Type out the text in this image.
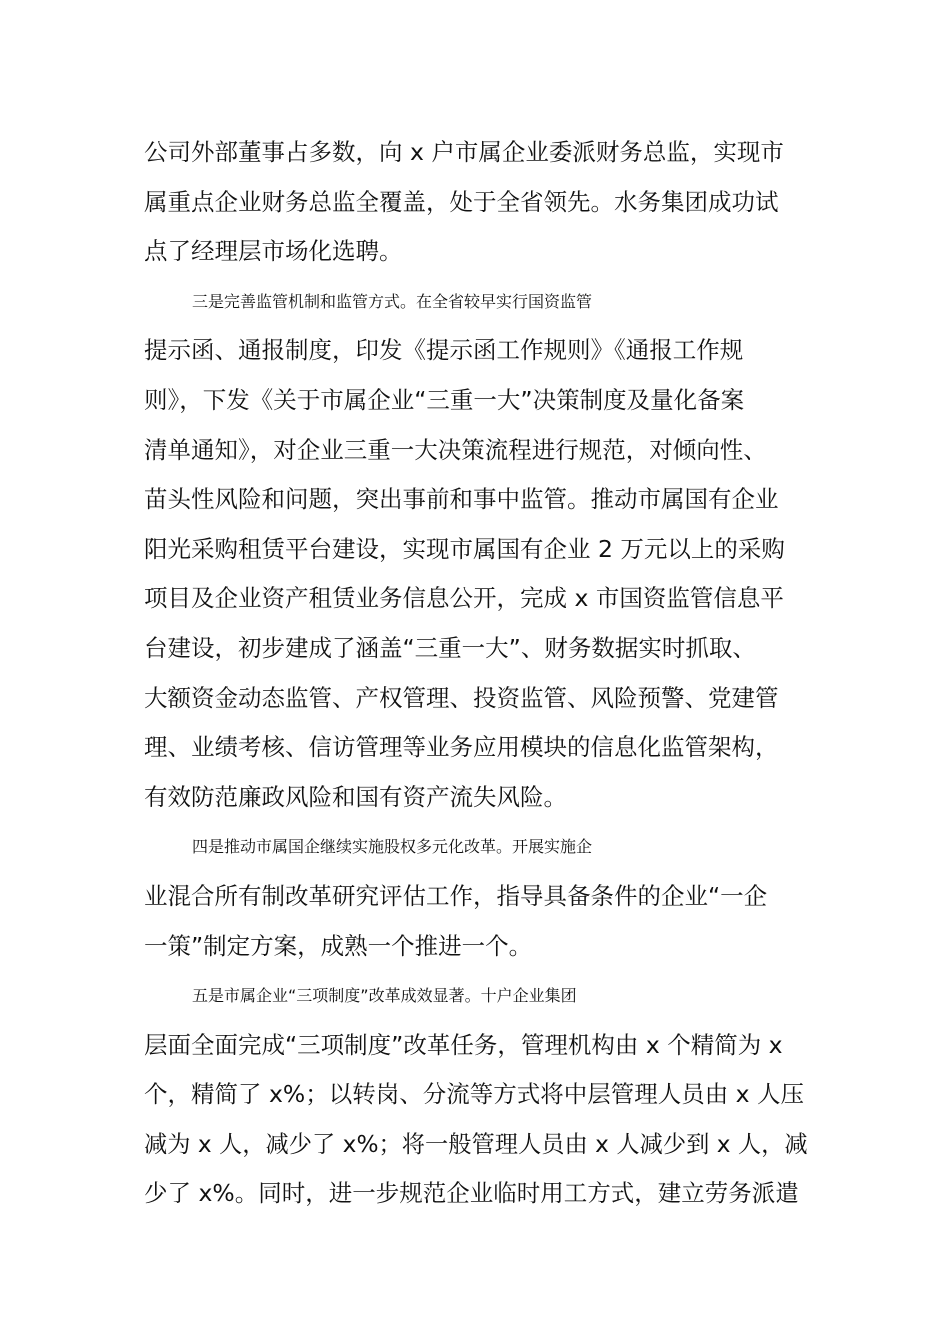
公司外部董事占多数，向 x 户市属企业委派财务总监，实现市
属重点企业财务总监全覆盖，处于全省领先。水务集团成功试
点了经理层市场化选聘。
三是完善监管机制和监管方式。在全省较早实行国资监管
提示函、通报制度，印发《提示函工作规则》《通报工作规
则》，下发《关于市属企业“三重一大”决策制度及量化备案
清单通知》，对企业三重一大决策流程进行规范，对倾向性、
苗头性风险和问题，突出事前和事中监管。推动市属国有企业
阳光采购租赁平台建设，实现市属国有企业 2 万元以上的采购
项目及企业资产租赁业务信息公开，完成 x 市国资监管信息平
台建设，初步建成了涵盖“三重一大”、财务数据实时抓取、
大额资金动态监管、产权管理、投资监管、风险预警、党建管
理、业绩考核、信访管理等业务应用模块的信息化监管架构，
有效防范廉政风险和国有资产流失风险。
四是推动市属国企继续实施股权多元化改革。开展实施企
业混合所有制改革研究评估工作，指导具备条件的企业“一企
一策”制定方案，成熟一个推进一个。
五是市属企业“三项制度”改革成效显著。十户企业集团
层面全面完成“三项制度”改革任务，管理机构由 x 个精简为 x
个，精简了 x%；以转岗、分流等方式将中层管理人员由 x 人压
减为 x 人，减少了 x%；将一般管理人员由 x 人减少到 x 人，减
少了 x%。同时，进一步规范企业临时用工方式，建立劳务派遣
